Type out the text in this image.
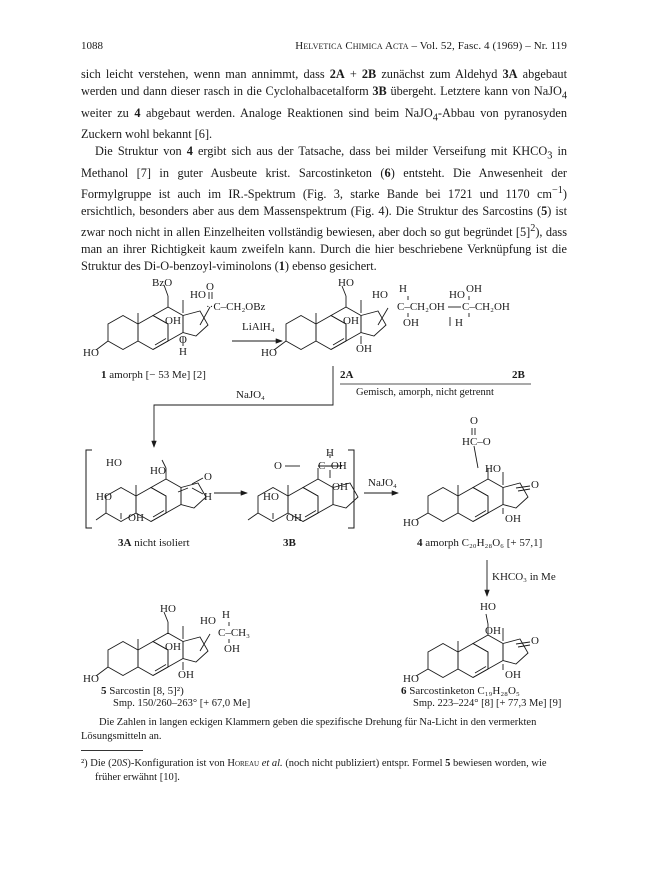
1088	Helvetica Chimica Acta – Vol. 52, Fasc. 4 (1969) – Nr. 119

sich leicht verstehen, wenn man annimmt, dass 2A + 2B zunächst zum Aldehyd 3A abgebaut werden und dann dieser rasch in die Cyclohalbacetalform 3B übergeht. Letztere kann von NaJO$_4$ weiter zu 4 abgebaut werden. Analoge Reaktionen sind beim NaJO$_4$-Abbau von pyranosyden Zuckern wohl bekannt [6].

Die Struktur von 4 ergibt sich aus der Tatsache, dass bei milder Verseifung mit $KHCO_3$ in Methanol [7] in guter Ausbeute krist. Sarcostinketon (6) entsteht. Die Anwesenheit der Formylgruppe ist auch im IR.-Spektrum (Fig. 3, starke Bande bei 1721 und 1170 $cm^{-1}$) ersichtlich, besonders aber aus dem Massenspektrum (Fig. 4). Die Struktur des Sarcostins (5) ist zwar noch nicht in allen Einzelheiten vollständig bewiesen, aber doch so gut begründet $[5]^2$), dass man an ihrer Richtigkeit kaum zweifeln kann. Durch die hier beschriebene Verknüpfung ist die Struktur des Di-O-benzoyl-viminolons (1) ebenso gesichert.

BzO
HO
O
··C–CH₂OBz
OH
O
H
HO
1 amorph [− 53 Me] [2]
LiAlH₄
HO
HO H
C–CH₂OH
OH	OH
OH
HO
HO OH
C–CH₂OH
H
2A	2B
Gemisch, amorph, nicht getrennt
NaJO₄
HO
HO	O
H
HO
OH
3A nicht isoliert
H
O	C–OH
OH
HO
OH
3B
NaJO₄
O
HC–O
HO
O
OH
HO
4 amorph C₂₀H₂₈O₆ [+ 57,1]
KHCO₃ in Me
HO
HO H
C–CH₃
OH	OH
OH
HO
5 Sarcostin [8, 5]²)
Smp. 150/260–263° [+ 67,0 Me]
HO
O
OH
OH
HO
6 Sarcostinketon C₁₉H₂₈O₅
Smp. 223–224° [8] [+ 77,3 Me] [9]

Die Zahlen in langen eckigen Klammern geben die spezifische Drehung für Na-Licht in den vermerkten Lösungsmitteln an.

²) Die (20S)-Konfiguration ist von Horeau et al. (noch nicht publiziert) entspr. Formel 5 bewiesen worden, wie früher erwähnt [10].
